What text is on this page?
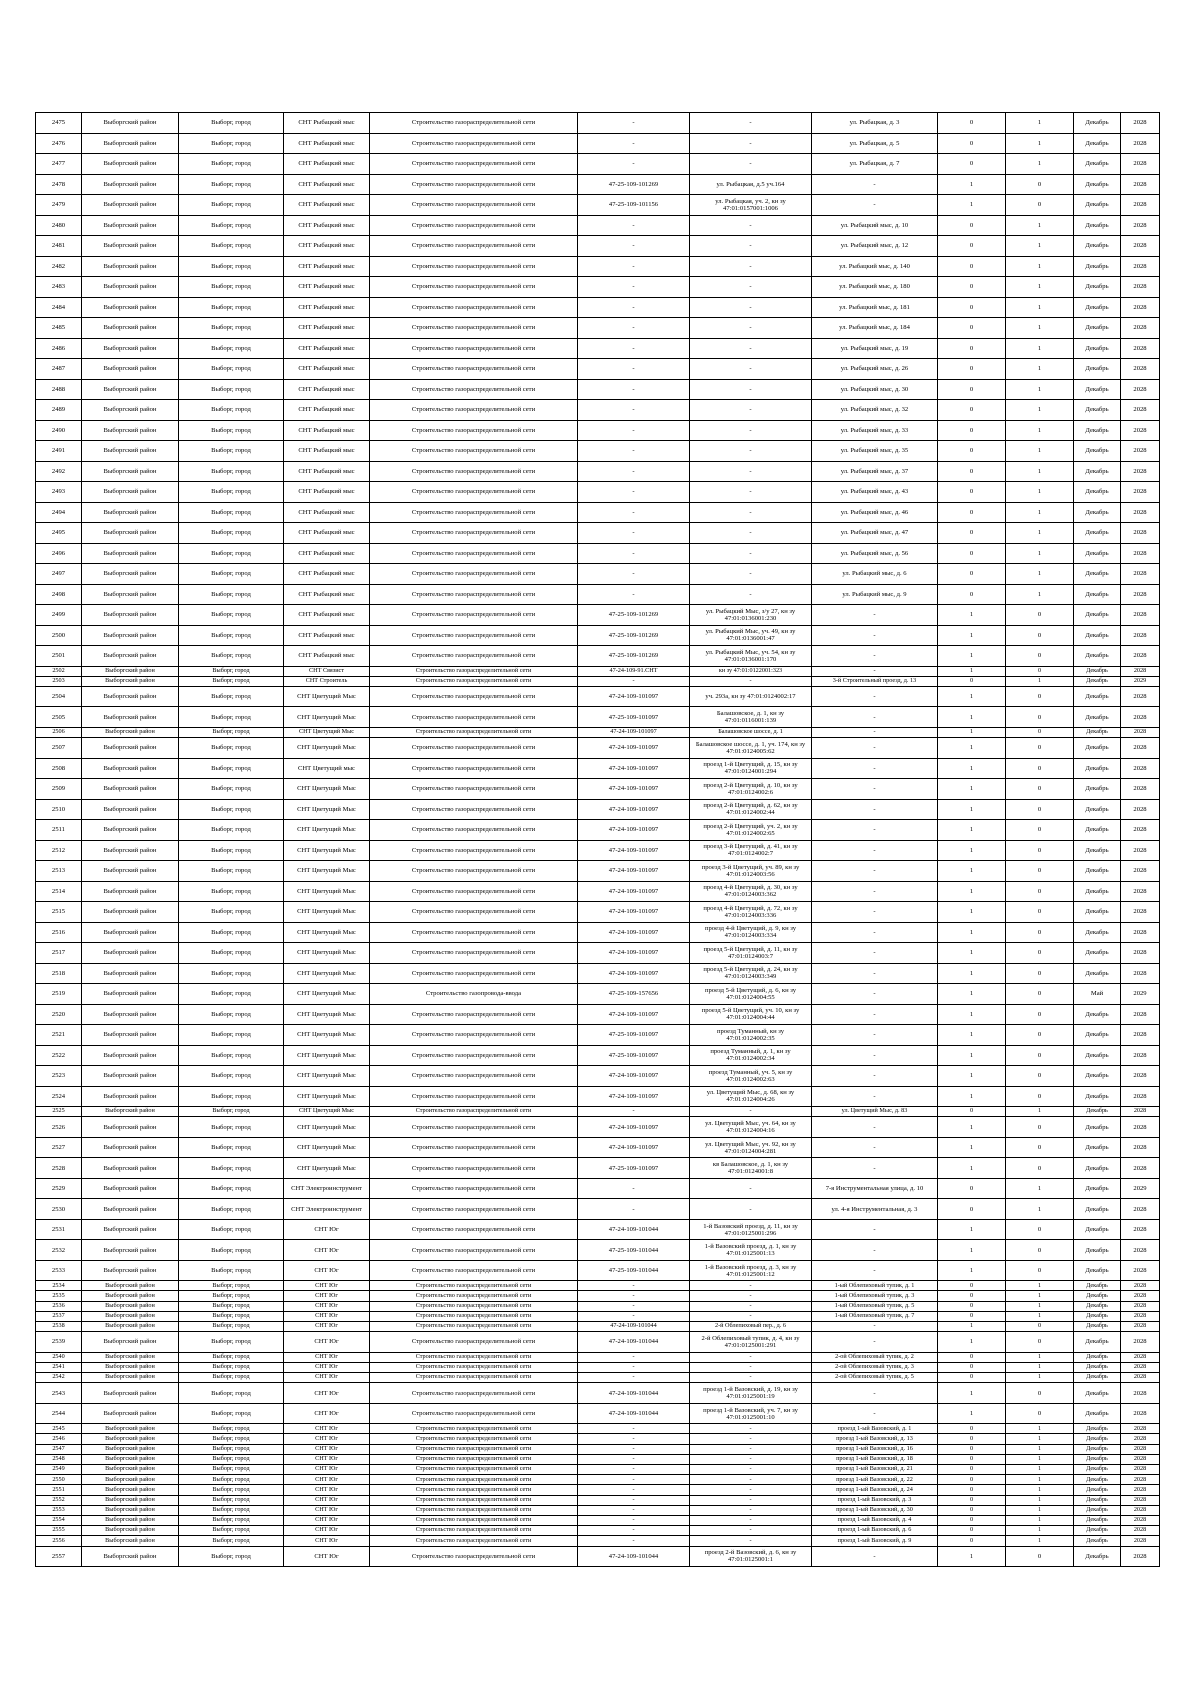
2475	Выборгский район	Выборг, город	СНТ Рыбацкий мыс	Строительство газораспределительной сети	-	-	ул. Рыбацкая, д. 3	0	1	Декабрь	2028
2476	Выборгский район	Выборг, город	СНТ Рыбацкий мыс	Строительство газораспределительной сети	-	-	ул. Рыбацкая, д. 5	0	1	Декабрь	2028
2477	Выборгский район	Выборг, город	СНТ Рыбацкий мыс	Строительство газораспределительной сети	-	-	ул. Рыбацкая, д. 7	0	1	Декабрь	2028
2478	Выборгский район	Выборг, город	СНТ Рыбацкий мыс	Строительство газораспределительной сети	47-25-109-101269	ул. Рыбацкая, д.5 уч.164	-	1	0	Декабрь	2028
2479	Выборгский район	Выборг, город	СНТ Рыбацкий мыс	Строительство газораспределительной сети	47-25-109-101156	ул. Рыбацкая, уч. 2, кн зу 47:01:0157001:1006	-	1	0	Декабрь	2028
2480	Выборгский район	Выборг, город	СНТ Рыбацкий мыс	Строительство газораспределительной сети	-	-	ул. Рыбацкий мыс, д. 10	0	1	Декабрь	2028
2481	Выборгский район	Выборг, город	СНТ Рыбацкий мыс	Строительство газораспределительной сети	-	-	ул. Рыбацкий мыс, д. 12	0	1	Декабрь	2028
2482	Выборгский район	Выборг, город	СНТ Рыбацкий мыс	Строительство газораспределительной сети	-	-	ул. Рыбацкий мыс, д. 140	0	1	Декабрь	2028
2483	Выборгский район	Выборг, город	СНТ Рыбацкий мыс	Строительство газораспределительной сети	-	-	ул. Рыбацкий мыс, д. 180	0	1	Декабрь	2028
2484	Выборгский район	Выборг, город	СНТ Рыбацкий мыс	Строительство газораспределительной сети	-	-	ул. Рыбацкий мыс, д. 181	0	1	Декабрь	2028
2485	Выборгский район	Выборг, город	СНТ Рыбацкий мыс	Строительство газораспределительной сети	-	-	ул. Рыбацкий мыс, д. 184	0	1	Декабрь	2028
2486	Выборгский район	Выборг, город	СНТ Рыбацкий мыс	Строительство газораспределительной сети	-	-	ул. Рыбацкий мыс, д. 19	0	1	Декабрь	2028
2487	Выборгский район	Выборг, город	СНТ Рыбацкий мыс	Строительство газораспределительной сети	-	-	ул. Рыбацкий мыс, д. 26	0	1	Декабрь	2028
2488	Выборгский район	Выборг, город	СНТ Рыбацкий мыс	Строительство газораспределительной сети	-	-	ул. Рыбацкий мыс, д. 30	0	1	Декабрь	2028
2489	Выборгский район	Выборг, город	СНТ Рыбацкий мыс	Строительство газораспределительной сети	-	-	ул. Рыбацкий мыс, д. 32	0	1	Декабрь	2028
2490	Выборгский район	Выборг, город	СНТ Рыбацкий мыс	Строительство газораспределительной сети	-	-	ул. Рыбацкий мыс, д. 33	0	1	Декабрь	2028
2491	Выборгский район	Выборг, город	СНТ Рыбацкий мыс	Строительство газораспределительной сети	-	-	ул. Рыбацкий мыс, д. 35	0	1	Декабрь	2028
2492	Выборгский район	Выборг, город	СНТ Рыбацкий мыс	Строительство газораспределительной сети	-	-	ул. Рыбацкий мыс, д. 37	0	1	Декабрь	2028
2493	Выборгский район	Выборг, город	СНТ Рыбацкий мыс	Строительство газораспределительной сети	-	-	ул. Рыбацкий мыс, д. 43	0	1	Декабрь	2028
2494	Выборгский район	Выборг, город	СНТ Рыбацкий мыс	Строительство газораспределительной сети	-	-	ул. Рыбацкий мыс, д. 46	0	1	Декабрь	2028
2495	Выборгский район	Выборг, город	СНТ Рыбацкий мыс	Строительство газораспределительной сети	-	-	ул. Рыбацкий мыс, д. 47	0	1	Декабрь	2028
2496	Выборгский район	Выборг, город	СНТ Рыбацкий мыс	Строительство газораспределительной сети	-	-	ул. Рыбацкий мыс, д. 56	0	1	Декабрь	2028
2497	Выборгский район	Выборг, город	СНТ Рыбацкий мыс	Строительство газораспределительной сети	-	-	ул. Рыбацкий мыс, д. 6	0	1	Декабрь	2028
2498	Выборгский район	Выборг, город	СНТ Рыбацкий мыс	Строительство газораспределительной сети	-	-	ул. Рыбацкий мыс, д. 9	0	1	Декабрь	2028
2499	Выборгский район	Выборг, город	СНТ Рыбацкий мыс	Строительство газораспределительной сети	47-25-109-101269	ул. Рыбацкий Мыс, з/у 27, кн зу 47:01:0136001:230	-	1	0	Декабрь	2028
2500	Выборгский район	Выборг, город	СНТ Рыбацкий мыс	Строительство газораспределительной сети	47-25-109-101269	ул. Рыбацкий Мыс, уч. 49, кн зу 47:01:0136001:47	-	1	0	Декабрь	2028
2501	Выборгский район	Выборг, город	СНТ Рыбацкий мыс	Строительство газораспределительной сети	47-25-109-101269	ул. Рыбацкий Мыс, уч. 54, кн зу 47:01:0136001:170	-	1	0	Декабрь	2028
2502	Выборгский район	Выборг, город	СНТ Связист	Строительство газораспределительной сети	47-24-109-91.СНТ	кн зу 47:01:0122001:323	-	1	0	Декабрь	2028
2503	Выборгский район	Выборг, город	СНТ Строитель	Строительство газораспределительной сети	-	-	3-й Строительный проезд, д. 13	0	1	Декабрь	2029
2504	Выборгский район	Выборг, город	СНТ Цветущий Мыс	Строительство газораспределительной сети	47-24-109-101097	уч. 293а, кн зу 47:01:0124002:17	-	1	0	Декабрь	2028
2505	Выборгский район	Выборг, город	СНТ Цветущий Мыс	Строительство газораспределительной сети	47-25-109-101097	Балашовское, д. 1, кн зу 47:01:0116001:139	-	1	0	Декабрь	2028
2506	Выборгский район	Выборг, город	СНТ Цветущий Мыс	Строительство газораспределительной сети	47-24-109-101097	Балашовское шоссе, д. 1	-	1	0	Декабрь	2028
2507	Выборгский район	Выборг, город	СНТ Цветущий Мыс	Строительство газораспределительной сети	47-24-109-101097	Балашовское шоссе, д. 1, уч. 174, кн зу 47:01:0124005:62	-	1	0	Декабрь	2028
2508	Выборгский район	Выборг, город	СНТ Цветущий мыс	Строительство газораспределительной сети	47-24-109-101097	проезд 1-й Цветущий, д. 15, кн зу 47:01:0124001:294	-	1	0	Декабрь	2028
2509	Выборгский район	Выборг, город	СНТ Цветущий Мыс	Строительство газораспределительной сети	47-24-109-101097	проезд 2-й Цветущий, д. 10, кн зу 47:01:0124002:6	-	1	0	Декабрь	2028
2510	Выборгский район	Выборг, город	СНТ Цветущий Мыс	Строительство газораспределительной сети	47-24-109-101097	проезд 2-й Цветущий, д. 62, кн зу 47:01:0124002:44	-	1	0	Декабрь	2028
2511	Выборгский район	Выборг, город	СНТ Цветущий Мыс	Строительство газораспределительной сети	47-24-109-101097	проезд 2-й Цветущий, уч. 2, кн зу 47:01:0124002:65	-	1	0	Декабрь	2028
2512	Выборгский район	Выборг, город	СНТ Цветущий Мыс	Строительство газораспределительной сети	47-24-109-101097	проезд 3-й Цветущий, д. 41, кн зу 47:01:0124002:7	-	1	0	Декабрь	2028
2513	Выборгский район	Выборг, город	СНТ Цветущий Мыс	Строительство газораспределительной сети	47-24-109-101097	проезд 3-й Цветущий, уч. 89, кн зу 47:01:0124003:56	-	1	0	Декабрь	2028
2514	Выборгский район	Выборг, город	СНТ Цветущий Мыс	Строительство газораспределительной сети	47-24-109-101097	проезд 4-й Цветущий, д. 30, кн зу 47:01:0124003:362	-	1	0	Декабрь	2028
2515	Выборгский район	Выборг, город	СНТ Цветущий Мыс	Строительство газораспределительной сети	47-24-109-101097	проезд 4-й Цветущий, д. 72, кн зу 47:01:0124003:336	-	1	0	Декабрь	2028
2516	Выборгский район	Выборг, город	СНТ Цветущий Мыс	Строительство газораспределительной сети	47-24-109-101097	проезд 4-й Цветущий, д. 9, кн зу 47:01:0124003:334	-	1	0	Декабрь	2028
2517	Выборгский район	Выборг, город	СНТ Цветущий Мыс	Строительство газораспределительной сети	47-24-109-101097	проезд 5-й Цветущий, д. 11, кн зу 47:01:0124003:7	-	1	0	Декабрь	2028
2518	Выборгский район	Выборг, город	СНТ Цветущий Мыс	Строительство газораспределительной сети	47-24-109-101097	проезд 5-й Цветущий, д. 24, кн зу 47:01:0124003:349	-	1	0	Декабрь	2028
2519	Выборгский район	Выборг, город	СНТ Цветущий Мыс	Строительство газопровода-ввода	47-25-109-157656	проезд 5-й Цветущий, д. 6, кн зу 47:01:0124004:55	-	1	0	Май	2029
2520	Выборгский район	Выборг, город	СНТ Цветущий Мыс	Строительство газораспределительной сети	47-24-109-101097	проезд 5-й Цветущий, уч. 10, кн зу 47:01:0124004:44	-	1	0	Декабрь	2028
2521	Выборгский район	Выборг, город	СНТ Цветущий Мыс	Строительство газораспределительной сети	47-25-109-101097	проезд Туманный, кн зу 47:01:0124002:35	-	1	0	Декабрь	2028
2522	Выборгский район	Выборг, город	СНТ Цветущий Мыс	Строительство газораспределительной сети	47-25-109-101097	проезд Туманный, д. 1, кн зу 47:01:0124002:34	-	1	0	Декабрь	2028
2523	Выборгский район	Выборг, город	СНТ Цветущий Мыс	Строительство газораспределительной сети	47-24-109-101097	проезд Туманный, уч. 5, кн зу 47:01:0124002:63	-	1	0	Декабрь	2028
2524	Выборгский район	Выборг, город	СНТ Цветущий Мыс	Строительство газораспределительной сети	47-24-109-101097	ул. Цветущий Мыс, д. 68, кн зу 47:01:0124004:26	-	1	0	Декабрь	2028
2525	Выборгский район	Выборг, город	СНТ Цветущий Мыс	Строительство газораспределительной сети	-	-	ул. Цветущий Мыс, д. 83	0	1	Декабрь	2028
2526	Выборгский район	Выборг, город	СНТ Цветущий Мыс	Строительство газораспределительной сети	47-24-109-101097	ул. Цветущий Мыс, уч. 64, кн зу 47:01:0124004:16	-	1	0	Декабрь	2028
2527	Выборгский район	Выборг, город	СНТ Цветущий Мыс	Строительство газораспределительной сети	47-24-109-101097	ул. Цветущий Мыс, уч. 92, кн зу 47:01:0124004:281	-	1	0	Декабрь	2028
2528	Выборгский район	Выборг, город	СНТ Цветущий Мыс	Строительство газораспределительной сети	47-25-109-101097	кв Балашовское, д. 1, кн зу 47:01:0124001:8	-	1	0	Декабрь	2028
2529	Выборгский район	Выборг, город	СНТ Электроинструмент	Строительство газораспределительной сети	-	-	7-я Инструментальная улица, д. 10	0	1	Декабрь	2029
2530	Выборгский район	Выборг, город	СНТ Электроинструмент	Строительство газораспределительной сети	-	-	ул. 4-я Инструментальная, д. 3	0	1	Декабрь	2028
2531	Выборгский район	Выборг, город	СНТ Юг	Строительство газораспределительной сети	47-24-109-101044	1-й Вазовский проезд, д. 11, кн зу 47:01:0125001:296	-	1	0	Декабрь	2028
2532	Выборгский район	Выборг, город	СНТ Юг	Строительство газораспределительной сети	47-25-109-101044	1-й Вазовский проезд, д. 1, кн зу 47:01:0125001:13	-	1	0	Декабрь	2028
2533	Выборгский район	Выборг, город	СНТ Юг	Строительство газораспределительной сети	47-25-109-101044	1-й Вазовский проезд, д. 3, кн зу 47:01:0125001:12	-	1	0	Декабрь	2028
2534	Выборгский район	Выборг, город	СНТ Юг	Строительство газораспределительной сети	-	-	1-ый Облепиховый тупик, д. 1	0	1	Декабрь	2028
2535	Выборгский район	Выборг, город	СНТ Юг	Строительство газораспределительной сети	-	-	1-ый Облепиховый тупик, д. 3	0	1	Декабрь	2028
2536	Выборгский район	Выборг, город	СНТ Юг	Строительство газораспределительной сети	-	-	1-ый Облепиховый тупик, д. 5	0	1	Декабрь	2028
2537	Выборгский район	Выборг, город	СНТ Юг	Строительство газораспределительной сети	-	-	1-ый Облепиховый тупик, д. 7	0	1	Декабрь	2028
2538	Выборгский район	Выборг, город	СНТ Юг	Строительство газораспределительной сети	47-24-109-101044	2-й Облепиховый пер., д. 6	-	1	0	Декабрь	2028
2539	Выборгский район	Выборг, город	СНТ Юг	Строительство газораспределительной сети	47-24-109-101044	2-й Облепиховый тупик, д. 4, кн зу 47:01:0125001:291	-	1	0	Декабрь	2028
2540	Выборгский район	Выборг, город	СНТ Юг	Строительство газораспределительной сети	-	-	2-ой Облепиховый тупик, д. 2	0	1	Декабрь	2028
2541	Выборгский район	Выборг, город	СНТ Юг	Строительство газораспределительной сети	-	-	2-ой Облепиховый тупик, д. 3	0	1	Декабрь	2028
2542	Выборгский район	Выборг, город	СНТ Юг	Строительство газораспределительной сети	-	-	2-ой Облепиховый тупик, д. 5	0	1	Декабрь	2028
2543	Выборгский район	Выборг, город	СНТ Юг	Строительство газораспределительной сети	47-24-109-101044	проезд 1-й Вазовский, д. 19, кн зу 47:01:0125001:19	-	1	0	Декабрь	2028
2544	Выборгский район	Выборг, город	СНТ Юг	Строительство газораспределительной сети	47-24-109-101044	проезд 1-й Вазовский, уч. 7, кн зу 47:01:0125001:10	-	1	0	Декабрь	2028
2545	Выборгский район	Выборг, город	СНТ Юг	Строительство газораспределительной сети	-	-	проезд 1-ый Вазовский, д. 1	0	1	Декабрь	2028
2546	Выборгский район	Выборг, город	СНТ Юг	Строительство газораспределительной сети	-	-	проезд 1-ый Вазовский, д. 13	0	1	Декабрь	2028
2547	Выборгский район	Выборг, город	СНТ Юг	Строительство газораспределительной сети	-	-	проезд 1-ый Вазовский, д. 16	0	1	Декабрь	2028
2548	Выборгский район	Выборг, город	СНТ Юг	Строительство газораспределительной сети	-	-	проезд 1-ый Вазовский, д. 18	0	1	Декабрь	2028
2549	Выборгский район	Выборг, город	СНТ Юг	Строительство газораспределительной сети	-	-	проезд 1-ый Вазовский, д. 21	0	1	Декабрь	2028
2550	Выборгский район	Выборг, город	СНТ Юг	Строительство газораспределительной сети	-	-	проезд 1-ый Вазовский, д. 22	0	1	Декабрь	2028
2551	Выборгский район	Выборг, город	СНТ Юг	Строительство газораспределительной сети	-	-	проезд 1-ый Вазовский, д. 24	0	1	Декабрь	2028
2552	Выборгский район	Выборг, город	СНТ Юг	Строительство газораспределительной сети	-	-	проезд 1-ый Вазовский, д. 3	0	1	Декабрь	2028
2553	Выборгский район	Выборг, город	СНТ Юг	Строительство газораспределительной сети	-	-	проезд 1-ый Вазовский, д. 30	0	1	Декабрь	2028
2554	Выборгский район	Выборг, город	СНТ Юг	Строительство газораспределительной сети	-	-	проезд 1-ый Вазовский, д. 4	0	1	Декабрь	2028
2555	Выборгский район	Выборг, город	СНТ Юг	Строительство газораспределительной сети	-	-	проезд 1-ый Вазовский, д. 6	0	1	Декабрь	2028
2556	Выборгский район	Выборг, город	СНТ Юг	Строительство газораспределительной сети	-	-	проезд 1-ый Вазовский, д. 9	0	1	Декабрь	2028
2557	Выборгский район	Выборг, город	СНТ Юг	Строительство газораспределительной сети	47-24-109-101044	проезд 2-й Вазовский, д. 6, кн зу 47:01:0125001:1	-	1	0	Декабрь	2028
